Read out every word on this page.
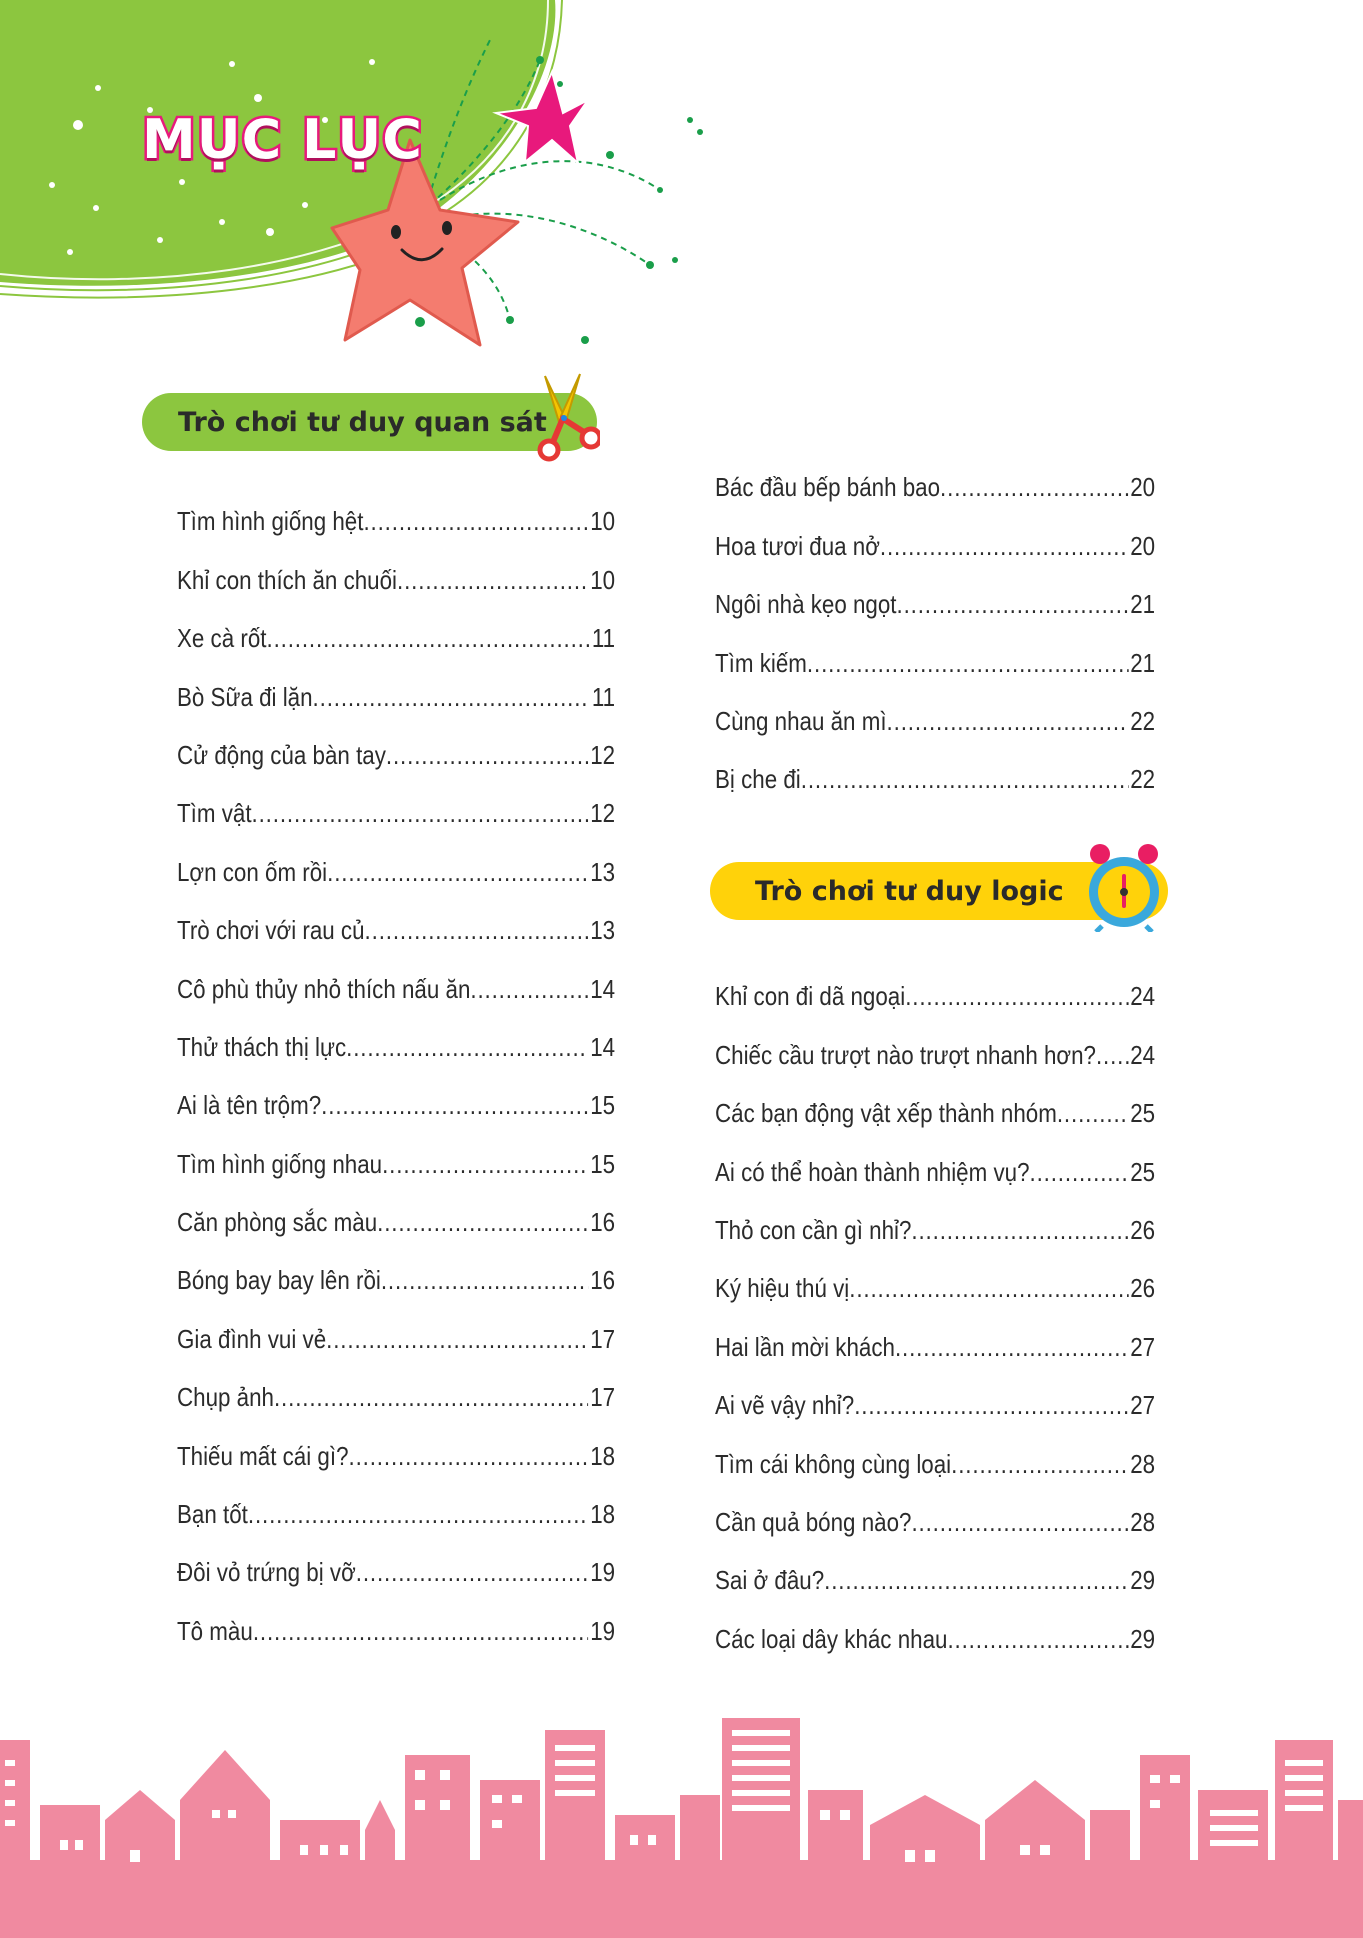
MỤC LỤC
Trò chơi tư duy quan sát
Tìm hình giống hệt .....	10
Khỉ con thích ăn chuối .....	10
Xe cà rốt .....	11
Bò Sữa đi lặn .....	11
Cử động của bàn tay .....	12
Tìm vật .....	12
Lợn con ốm rồi .....	13
Trò chơi với rau củ .....	13
Cô phù thủy nhỏ thích nấu ăn .....	14
Thử thách thị lực .....	14
Ai là tên trộm? .....	15
Tìm hình giống nhau .....	15
Căn phòng sắc màu .....	16
Bóng bay bay lên rồi .....	16
Gia đình vui vẻ .....	17
Chụp ảnh .....	17
Thiếu mất cái gì? .....	18
Bạn tốt .....	18
Đôi vỏ trứng bị vỡ .....	19
Tô màu .....	19
Bác đầu bếp bánh bao .....	20
Hoa tươi đua nở .....	20
Ngôi nhà kẹo ngọt .....	21
Tìm kiếm .....	21
Cùng nhau ăn mì .....	22
Bị che đi .....	22
Trò chơi tư duy logic
Khỉ con đi dã ngoại .....	24
Chiếc cầu trượt nào trượt nhanh hơn? ..... 24
Các bạn động vật xếp thành nhóm .....	25
Ai có thể hoàn thành nhiệm vụ? .....	25
Thỏ con cần gì nhỉ? .....	26
Ký hiệu thú vị .....	26
Hai lần mời khách .....	27
Ai vẽ vậy nhỉ? .....	27
Tìm cái không cùng loại .....	28
Cần quả bóng nào? .....	28
Sai ở đâu? .....	29
Các loại dây khác nhau .....	29
